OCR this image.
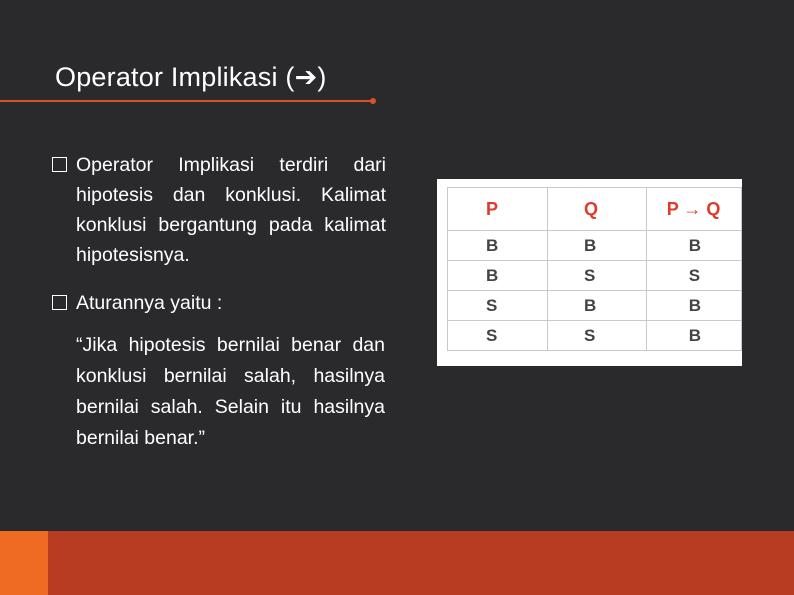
Operator Implikasi (➔)
Operator Implikasi terdiri dari hipotesis dan konklusi. Kalimat konklusi bergantung pada kalimat hipotesisnya.
Aturannya yaitu :
“Jika hipotesis bernilai benar dan konklusi bernilai salah, hasilnya bernilai salah. Selain itu hasilnya bernilai benar.”
P	Q	P → Q
B	B	B
B	S	S
S	B	B
S	S	B
